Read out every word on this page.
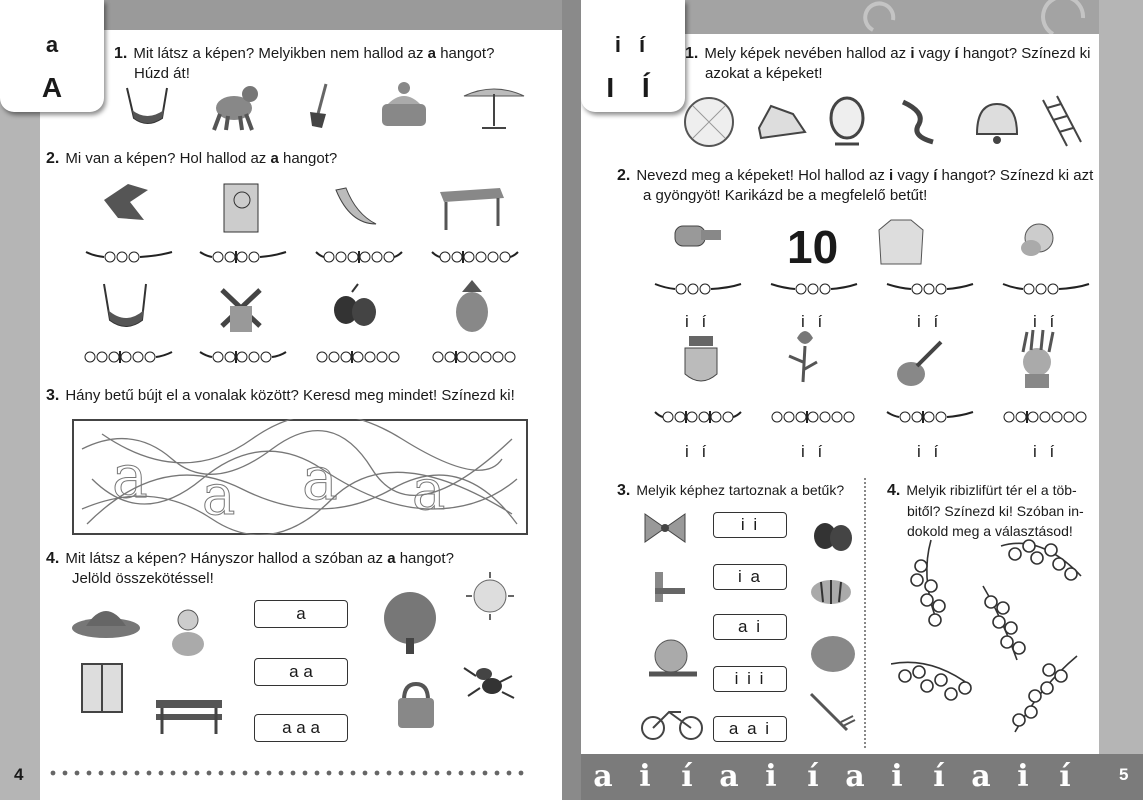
a
A
1. Mit látsz a képen? Melyikben nem hallod az a hangot?
Húzd át!
2. Mi van a képen? Hol hallod az a hangot?
3. Hány betű bújt el a vonalak között? Keresd meg mindet! Színezd ki!
a a a a
4. Mit látsz a képen? Hányszor hallod a szóban az a hangot?
Jelöld összekötéssel!
a
a a
a a a
4
i í
I Í
1. Mely képek nevében hallod az i vagy í hangot? Színezd ki
azokat a képeket!
2. Nevezd meg a képeket! Hol hallod az i vagy í hangot? Színezd ki azt
a gyöngyöt! Karikázd be a megfelelő betűt!
10
i í	i í	i í	i í
i í	i í	i í	i í
3. Melyik képhez tartoznak a betűk?
i i
i a
a i
i i i
a a i
4. Melyik ribizlifürt tér el a töb-
bitől? Színezd ki! Szóban in-
dokold meg a választásod!
a i	í a i	í a i	í a i	í	5
